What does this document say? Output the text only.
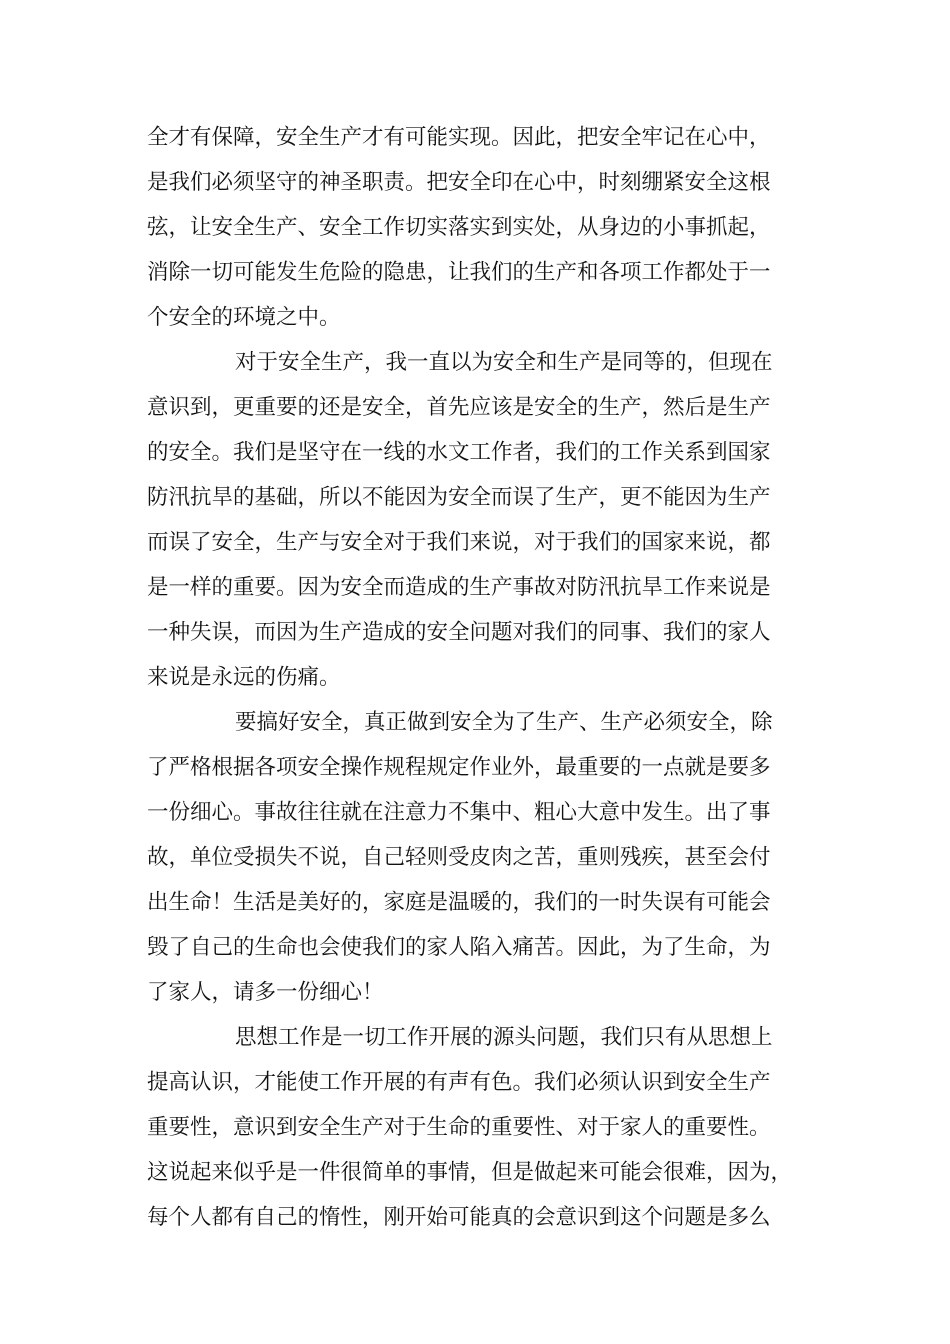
全才有保障，安全生产才有可能实现。因此，把安全牢记在心中，
是我们必须坚守的神圣职责。把安全印在心中，时刻绷紧安全这根
弦，让安全生产、安全工作切实落实到实处，从身边的小事抓起，
消除一切可能发生危险的隐患，让我们的生产和各项工作都处于一
个安全的环境之中。
对于安全生产，我一直以为安全和生产是同等的，但现在
意识到，更重要的还是安全，首先应该是安全的生产，然后是生产
的安全。我们是坚守在一线的水文工作者，我们的工作关系到国家
防汛抗旱的基础，所以不能因为安全而误了生产，更不能因为生产
而误了安全，生产与安全对于我们来说，对于我们的国家来说，都
是一样的重要。因为安全而造成的生产事故对防汛抗旱工作来说是
一种失误，而因为生产造成的安全问题对我们的同事、我们的家人
来说是永远的伤痛。
要搞好安全，真正做到安全为了生产、生产必须安全，除
了严格根据各项安全操作规程规定作业外，最重要的一点就是要多
一份细心。事故往往就在注意力不集中、粗心大意中发生。出了事
故，单位受损失不说，自己轻则受皮肉之苦，重则残疾，甚至会付
出生命！生活是美好的，家庭是温暖的，我们的一时失误有可能会
毁了自己的生命也会使我们的家人陷入痛苦。因此，为了生命，为
了家人，请多一份细心！
思想工作是一切工作开展的源头问题，我们只有从思想上
提高认识，才能使工作开展的有声有色。我们必须认识到安全生产
重要性，意识到安全生产对于生命的重要性、对于家人的重要性。
这说起来似乎是一件很简单的事情，但是做起来可能会很难，因为，
每个人都有自己的惰性，刚开始可能真的会意识到这个问题是多么
